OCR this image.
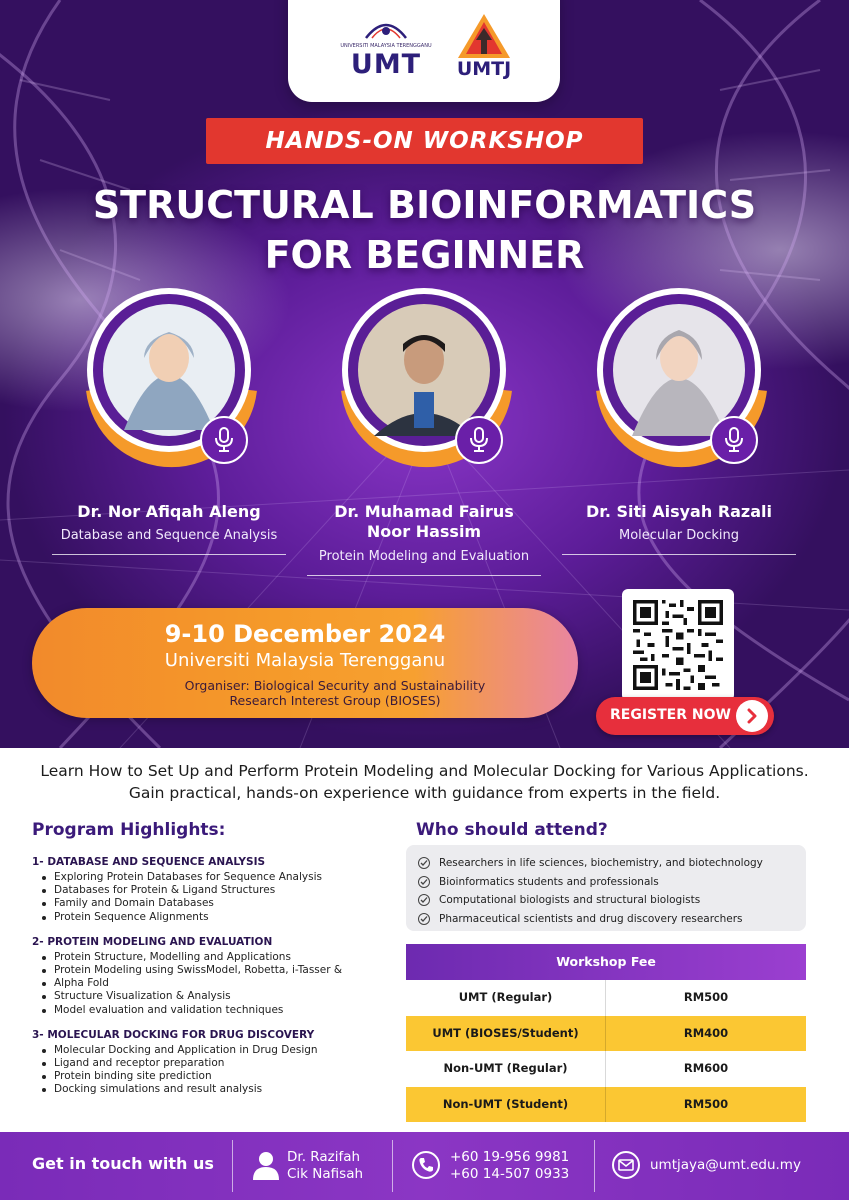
UNIVERSITI MALAYSIA TERENGGANU
UMT	UMTJ
HANDS-ON WORKSHOP
STRUCTURAL BIOINFORMATICS
FOR BEGINNER
Dr. Nor Afiqah Aleng
Database and Sequence Analysis
Dr. Muhamad Fairus
Noor Hassim
Protein Modeling and Evaluation
Dr. Siti Aisyah Razali
Molecular Docking
9-10 December 2024
Universiti Malaysia Terengganu
Organiser: Biological Security and Sustainability
Research Interest Group (BIOSES)
REGISTER NOW
Learn How to Set Up and Perform Protein Modeling and Molecular Docking for Various Applications.
Gain practical, hands-on experience with guidance from experts in the field.
Program Highlights:
1- DATABASE AND SEQUENCE ANALYSIS
Exploring Protein Databases for Sequence Analysis
Databases for Protein & Ligand Structures
Family and Domain Databases
Protein Sequence Alignments
2- PROTEIN MODELING AND EVALUATION
Protein Structure, Modelling and Applications
Protein Modeling using SwissModel, Robetta, i-Tasser &
Alpha Fold
Structure Visualization & Analysis
Model evaluation and validation techniques
3- MOLECULAR DOCKING FOR DRUG DISCOVERY
Molecular Docking and Application in Drug Design
Ligand and receptor preparation
Protein binding site prediction
Docking simulations and result analysis
Who should attend?
Researchers in life sciences, biochemistry, and biotechnology
Bioinformatics students and professionals
Computational biologists and structural biologists
Pharmaceutical scientists and drug discovery researchers
Workshop Fee
UMT (Regular)	RM500
UMT (BIOSES/Student)	RM400
Non-UMT (Regular)	RM600
Non-UMT (Student)	RM500
Get in touch with us	Dr. Razifah
Cik Nafisah
+60 19-956 9981
+60 14-507 0933
umtjaya@umt.edu.my
